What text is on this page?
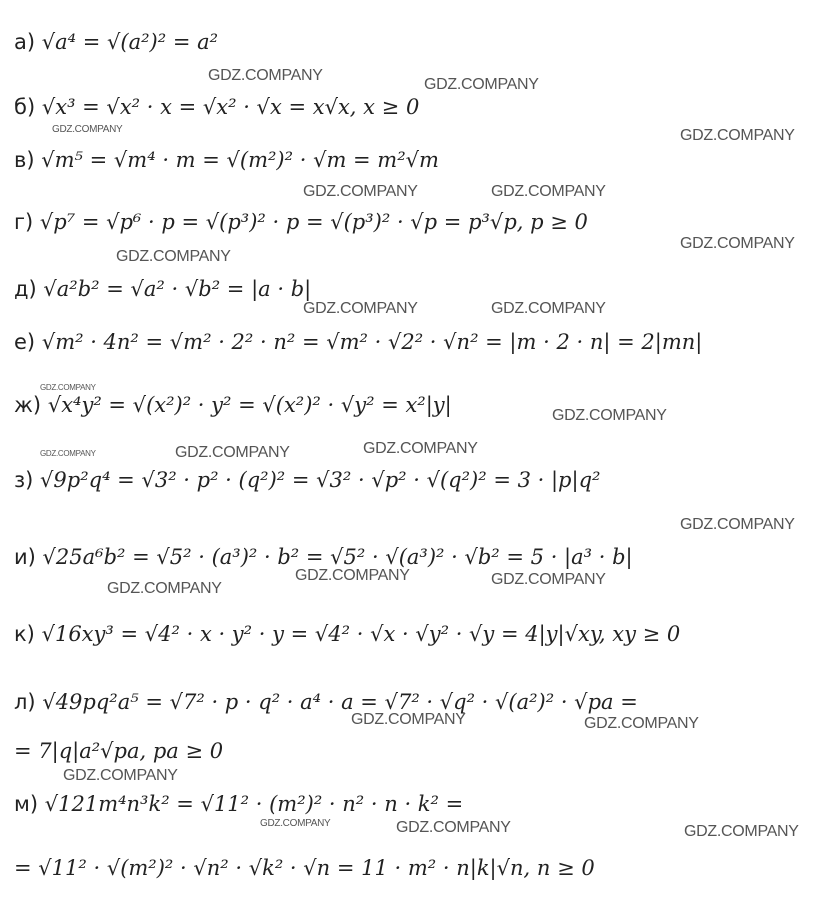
а) √a⁴ = √(a²)² = a²
б) √x³ = √x² · x = √x² · √x = x√x, x ≥ 0
в) √m⁵ = √m⁴ · m = √(m²)² · √m = m²√m
г) √p⁷ = √p⁶ · p = √(p³)² · p = √(p³)² · √p = p³√p, p ≥ 0
д) √a²b² = √a² · √b² = |a · b|
е) √m² · 4n² = √m² · 2² · n² = √m² · √2² · √n² = |m · 2 · n| = 2|mn|
ж) √x⁴y² = √(x²)² · y² = √(x²)² · √y² = x²|y|
з) √9p²q⁴ = √3² · p² · (q²)² = √3² · √p² · √(q²)² = 3 · |p|q²
и) √25a⁶b² = √5² · (a³)² · b² = √5² · √(a³)² · √b² = 5 · |a³ · b|
к) √16xy³ = √4² · x · y² · y = √4² · √x · √y² · √y = 4|y|√xy, xy ≥ 0
л) √49pq²a⁵ = √7² · p · q² · a⁴ · a = √7² · √q² · √(a²)² · √pa =
= 7|q|a²√pa, pa ≥ 0
м) √121m⁴n³k² = √11² · (m²)² · n² · n · k² =
= √11² · √(m²)² · √n² · √k² · √n = 11 · m² · n|k|√n, n ≥ 0
GDZ.COMPANY
GDZ.COMPANY
GDZ.COMPANY	GDZ.COMPANY
GDZ.COMPANY	GDZ.COMPANY
GDZ.COMPANY
GDZ.COMPANY
GDZ.COMPANY	GDZ.COMPANY
GDZ.COMPANY
GDZ.COMPANY
GDZ.COMPANY
GDZ.COMPANY
GDZ.COMPANY
GDZ.COMPANY
GDZ.COMPANY	GDZ.COMPANY
GDZ.COMPANY
GDZ.COMPANY	GDZ.COMPANY
GDZ.COMPANY
GDZ.COMPANY	GDZ.COMPANY	GDZ.COMPANY
